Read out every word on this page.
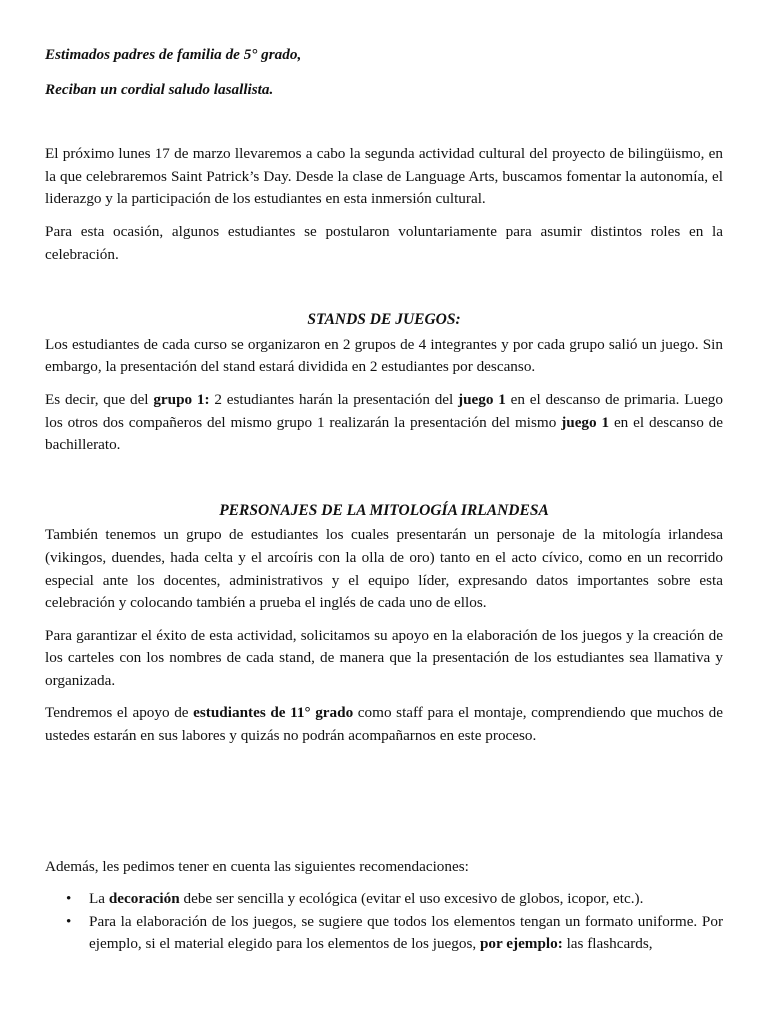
Estimados padres de familia de 5° grado,

Reciban un cordial saludo lasallista.

El próximo lunes 17 de marzo llevaremos a cabo la segunda actividad cultural del proyecto de bilingüismo, en la que celebraremos Saint Patrick’s Day. Desde la clase de Language Arts, buscamos fomentar la autonomía, el liderazgo y la participación de los estudiantes en esta inmersión cultural.

Para esta ocasión, algunos estudiantes se postularon voluntariamente para asumir distintos roles en la celebración.

STANDS DE JUEGOS:

Los estudiantes de cada curso se organizaron en 2 grupos de 4 integrantes y por cada grupo salió un juego. Sin embargo, la presentación del stand estará dividida en 2 estudiantes por descanso.

Es decir, que del grupo 1: 2 estudiantes harán la presentación del juego 1 en el descanso de primaria. Luego los otros dos compañeros del mismo grupo 1 realizarán la presentación del mismo juego 1 en el descanso de bachillerato.

PERSONAJES DE LA MITOLOGÍA IRLANDESA

También tenemos un grupo de estudiantes los cuales presentarán un personaje de la mitología irlandesa (vikingos, duendes, hada celta y el arcoíris con la olla de oro) tanto en el acto cívico, como en un recorrido especial ante los docentes, administrativos y el equipo líder, expresando datos importantes sobre esta celebración y colocando también a prueba el inglés de cada uno de ellos.

Para garantizar el éxito de esta actividad, solicitamos su apoyo en la elaboración de los juegos y la creación de los carteles con los nombres de cada stand, de manera que la presentación de los estudiantes sea llamativa y organizada.

Tendremos el apoyo de estudiantes de 11° grado como staff para el montaje, comprendiendo que muchos de ustedes estarán en sus labores y quizás no podrán acompañarnos en este proceso.

Además, les pedimos tener en cuenta las siguientes recomendaciones:

• La decoración debe ser sencilla y ecológica (evitar el uso excesivo de globos, icopor, etc.).
• Para la elaboración de los juegos, se sugiere que todos los elementos tengan un formato uniforme. Por ejemplo, si el material elegido para los elementos de los juegos, por ejemplo: las flashcards,
